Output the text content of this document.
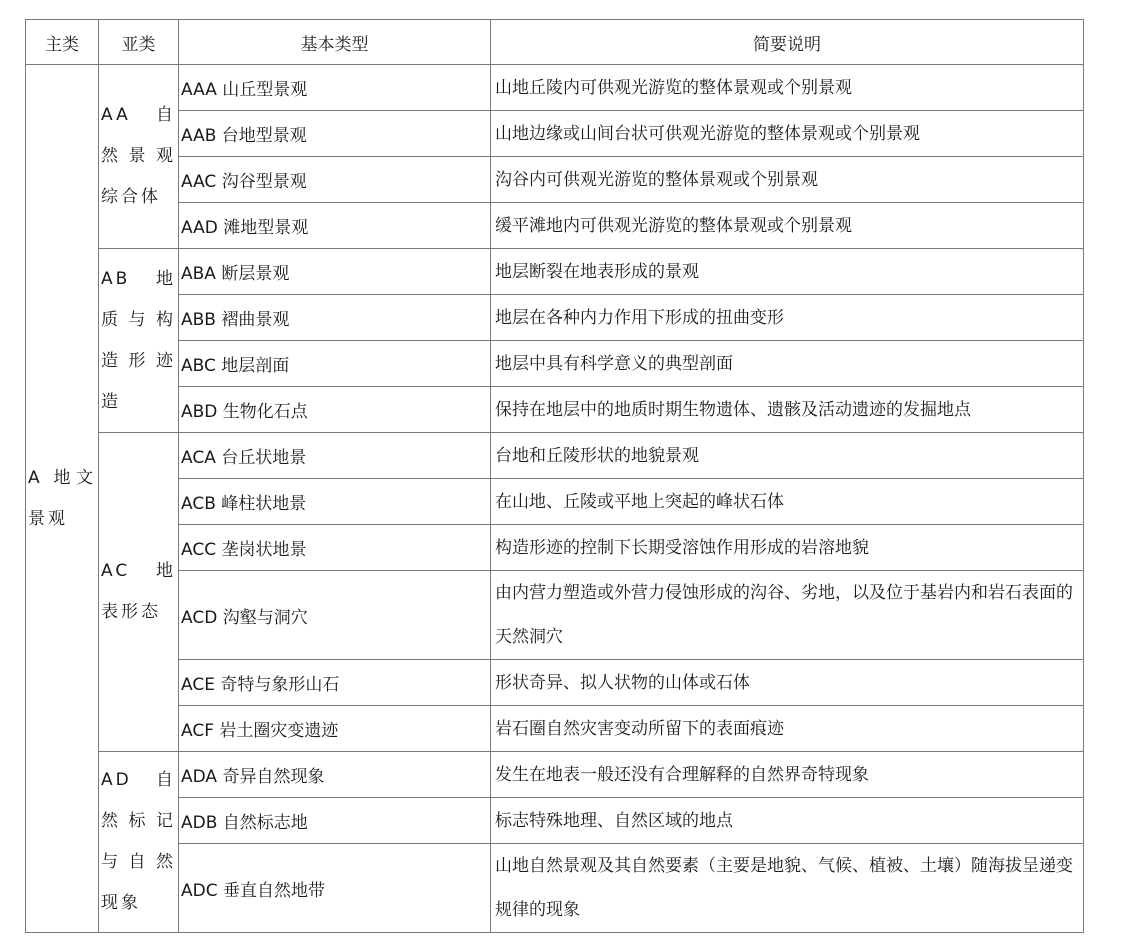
主类	亚类	基本类型	简要说明
A 地文景观	AA 自然景观综合体	AAA 山丘型景观	山地丘陵内可供观光游览的整体景观或个别景观
		AAB 台地型景观	山地边缘或山间台状可供观光游览的整体景观或个别景观
		AAC 沟谷型景观	沟谷内可供观光游览的整体景观或个别景观
		AAD 滩地型景观	缓平滩地内可供观光游览的整体景观或个别景观
	AB 地质与构造形迹造	ABA 断层景观	地层断裂在地表形成的景观
		ABB 褶曲景观	地层在各种内力作用下形成的扭曲变形
		ABC 地层剖面	地层中具有科学意义的典型剖面
		ABD 生物化石点	保持在地层中的地质时期生物遗体、遗骸及活动遗迹的发掘地点
	AC 地表形态	ACA 台丘状地景	台地和丘陵形状的地貌景观
		ACB 峰柱状地景	在山地、丘陵或平地上突起的峰状石体
		ACC 垄岗状地景	构造形迹的控制下长期受溶蚀作用形成的岩溶地貌
		ACD 沟壑与洞穴	由内营力塑造或外营力侵蚀形成的沟谷、劣地，以及位于基岩内和岩石表面的天然洞穴
		ACE 奇特与象形山石	形状奇异、拟人状物的山体或石体
		ACF 岩土圈灾变遗迹	岩石圈自然灾害变动所留下的表面痕迹
	AD 自然标记与自然现象	ADA 奇异自然现象	发生在地表一般还没有合理解释的自然界奇特现象
		ADB 自然标志地	标志特殊地理、自然区域的地点
		ADC 垂直自然地带	山地自然景观及其自然要素（主要是地貌、气候、植被、土壤）随海拔呈递变规律的现象
